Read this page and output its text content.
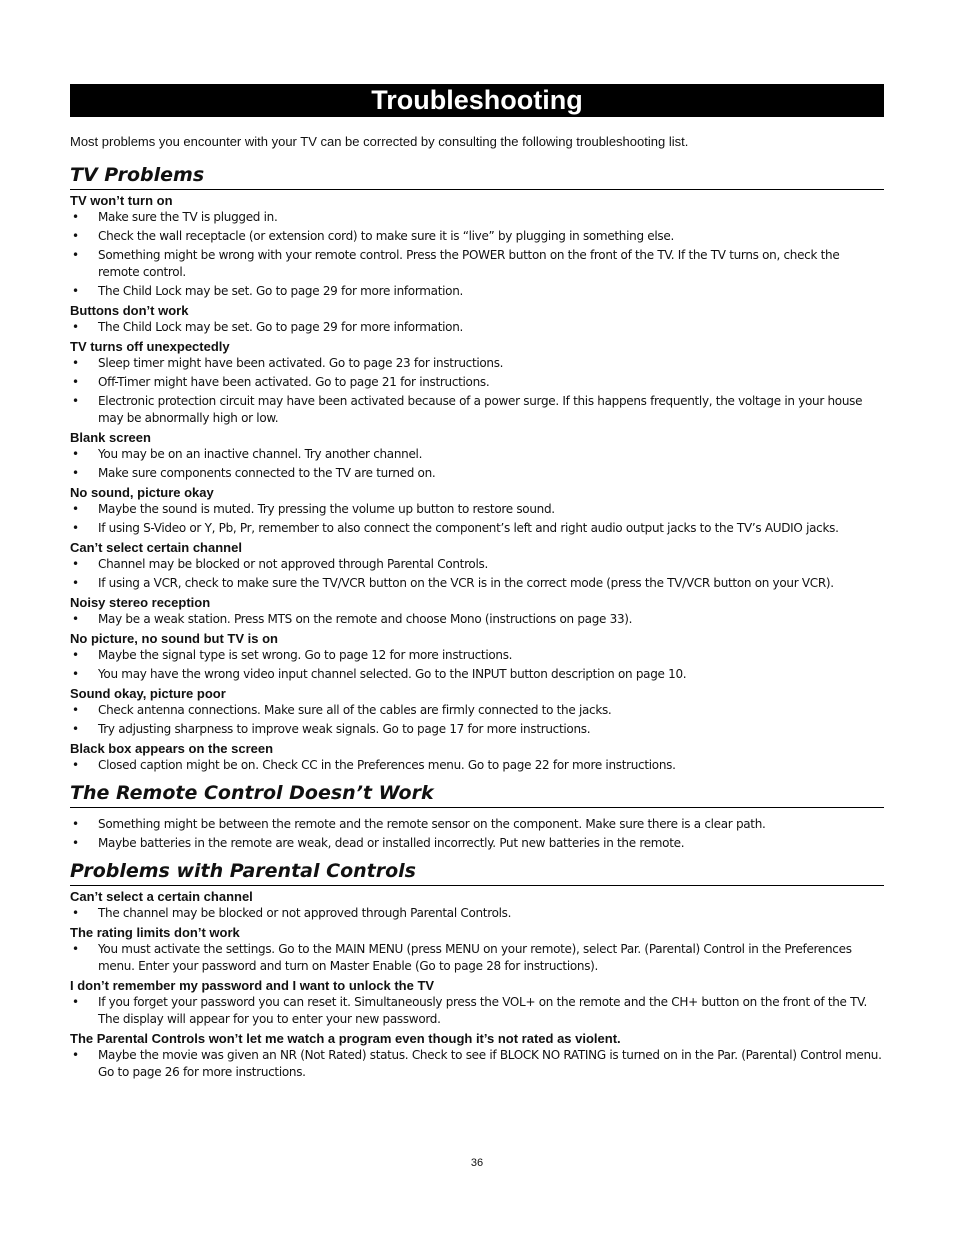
Troubleshooting
Most problems you encounter with your TV can be corrected by consulting the following troubleshooting list.
TV Problems
TV won’t turn on
• Make sure the TV is plugged in.
• Check the wall receptacle (or extension cord) to make sure it is “live” by plugging in something else.
• Something might be wrong with your remote control. Press the POWER button on the front of the TV. If the TV turns on, check the remote control.
• The Child Lock may be set. Go to page 29 for more information.
Buttons don’t work
• The Child Lock may be set. Go to page 29 for more information.
TV turns off unexpectedly
• Sleep timer might have been activated. Go to page 23 for instructions.
• Off-Timer might have been activated. Go to page 21 for instructions.
• Electronic protection circuit may have been activated because of a power surge. If this happens frequently, the voltage in your house may be abnormally high or low.
Blank screen
• You may be on an inactive channel. Try another channel.
• Make sure components connected to the TV are turned on.
No sound, picture okay
• Maybe the sound is muted. Try pressing the volume up button to restore sound.
• If using S-Video or Y, Pb, Pr, remember to also connect the component’s left and right audio output jacks to the TV’s AUDIO jacks.
Can’t select certain channel
• Channel may be blocked or not approved through Parental Controls.
• If using a VCR, check to make sure the TV/VCR button on the VCR is in the correct mode (press the TV/VCR button on your VCR).
Noisy stereo reception
• May be a weak station. Press MTS on the remote and choose Mono (instructions on page 33).
No picture, no sound but TV is on
• Maybe the signal type is set wrong. Go to page 12 for more instructions.
• You may have the wrong video input channel selected. Go to the INPUT button description on page 10.
Sound okay, picture poor
• Check antenna connections. Make sure all of the cables are firmly connected to the jacks.
• Try adjusting sharpness to improve weak signals. Go to page 17 for more instructions.
Black box appears on the screen
• Closed caption might be on. Check CC in the Preferences menu. Go to page 22 for more instructions.
The Remote Control Doesn’t Work
• Something might be between the remote and the remote sensor on the component. Make sure there is a clear path.
• Maybe batteries in the remote are weak, dead or installed incorrectly. Put new batteries in the remote.
Problems with Parental Controls
Can’t select a certain channel
• The channel may be blocked or not approved through Parental Controls.
The rating limits don’t work
• You must activate the settings. Go to the MAIN MENU (press MENU on your remote), select Par. (Parental) Control in the Preferences menu. Enter your password and turn on Master Enable (Go to page 28 for instructions).
I don’t remember my password and I want to unlock the TV
• If you forget your password you can reset it. Simultaneously press the VOL+ on the remote and the CH+ button on the front of the TV. The display will appear for you to enter your new password.
The Parental Controls won’t let me watch a program even though it’s not rated as violent.
• Maybe the movie was given an NR (Not Rated) status. Check to see if BLOCK NO RATING is turned on in the Par. (Parental) Control menu. Go to page 26 for more instructions.
36
